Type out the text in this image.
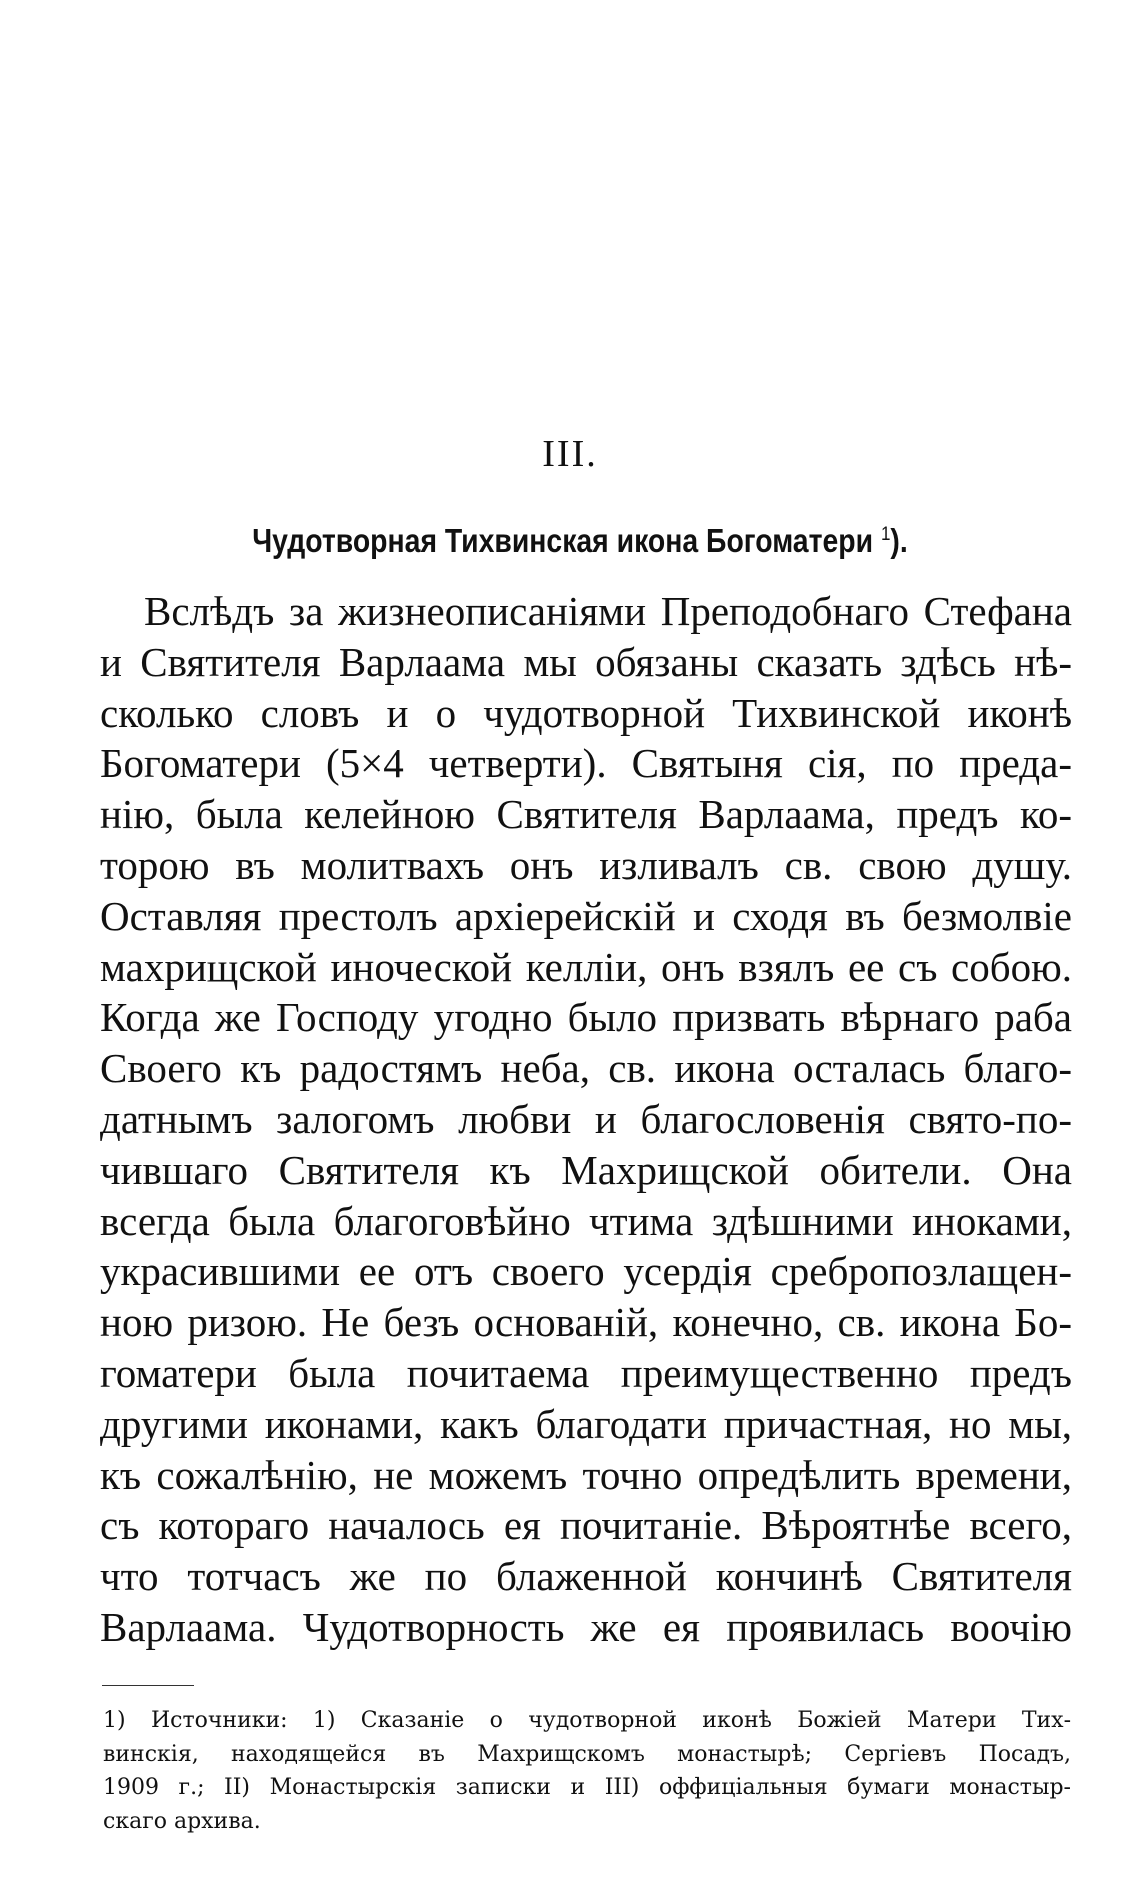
III.
Чудотворная Тихвинская икона Богоматери $^1$).
Вслѣдъ за жизнеописаніями Преподобнаго Стефана
и Святителя Варлаама мы обязаны сказать здѣсь нѣ-
сколько словъ и о чудотворной Тихвинской иконѣ
Богоматери (5×4 четверти). Святыня сія, по преда-
нію, была келейною Святителя Варлаама, предъ ко-
торою въ молитвахъ онъ изливалъ св. свою душу.
Оставляя престолъ архіерейскій и сходя въ безмолвіе
махрищской иноческой келліи, онъ взялъ ее съ собою.
Когда же Господу угодно было призвать вѣрнаго раба
Своего къ радостямъ неба, св. икона осталась благо-
датнымъ залогомъ любви и благословенія свято-по-
чившаго Святителя къ Махрищской обители. Она
всегда была благоговѣйно чтима здѣшними иноками,
украсившими ее отъ своего усердія сребропозлащен-
ною ризою. Не безъ основаній, конечно, св. икона Бо-
гоматери была почитаема преимущественно предъ
другими иконами, какъ благодати причастная, но мы,
къ сожалѣнію, не можемъ точно опредѣлить времени,
съ котораго началось ея почитаніе. Вѣроятнѣе всего,
что тотчасъ же по блаженной кончинѣ Святителя
Варлаама. Чудотворность же ея проявилась воочію
1) Источники: 1) Сказаніе о чудотворной иконѣ Божіей Матери Тих-
винскія, находящейся въ Махрищскомъ монастырѣ; Сергіевъ Посадъ,
1909 г.; II) Монастырскія записки и III) оффиціальныя бумаги монастыр-
скаго архива.
